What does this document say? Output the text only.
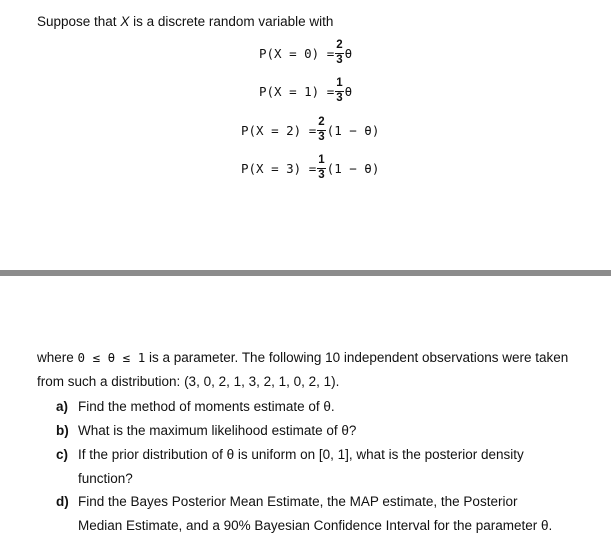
Suppose that X is a discrete random variable with
$P(X = 0) = \frac{2}{3}$ θ
$P(X = 1) = \frac{1}{3}$ θ
$P(X = 2) = \frac{2}{3} (1 - \theta)$
$P(X = 3) = \frac{1}{3} (1 - \theta)$
where 0 ≤ θ ≤ 1 is a parameter. The following 10 independent observations were taken
from such a distribution: (3, 0, 2, 1, 3, 2, 1, 0, 2, 1).
a) Find the method of moments estimate of θ.
b) What is the maximum likelihood estimate of θ?
c) If the prior distribution of θ is uniform on [0, 1], what is the posterior density
function?
d) Find the Bayes Posterior Mean Estimate, the MAP estimate, the Posterior
Median Estimate, and a 90% Bayesian Confidence Interval for the parameter θ.
